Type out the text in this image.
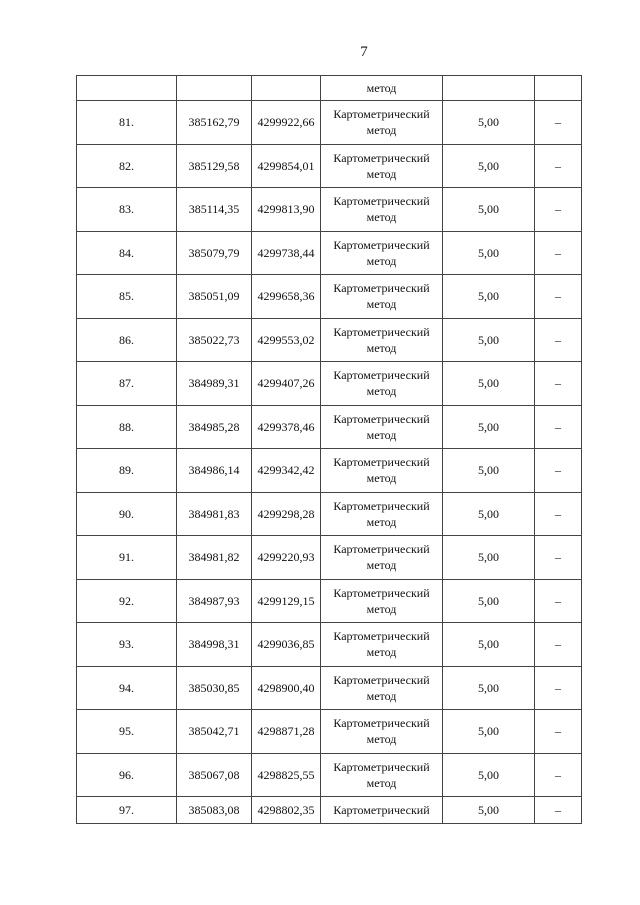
7
			метод		
81.	385162,79	4299922,66	Картометрический метод	5,00	–
82.	385129,58	4299854,01	Картометрический метод	5,00	–
83.	385114,35	4299813,90	Картометрический метод	5,00	–
84.	385079,79	4299738,44	Картометрический метод	5,00	–
85.	385051,09	4299658,36	Картометрический метод	5,00	–
86.	385022,73	4299553,02	Картометрический метод	5,00	–
87.	384989,31	4299407,26	Картометрический метод	5,00	–
88.	384985,28	4299378,46	Картометрический метод	5,00	–
89.	384986,14	4299342,42	Картометрический метод	5,00	–
90.	384981,83	4299298,28	Картометрический метод	5,00	–
91.	384981,82	4299220,93	Картометрический метод	5,00	–
92.	384987,93	4299129,15	Картометрический метод	5,00	–
93.	384998,31	4299036,85	Картометрический метод	5,00	–
94.	385030,85	4298900,40	Картометрический метод	5,00	–
95.	385042,71	4298871,28	Картометрический метод	5,00	–
96.	385067,08	4298825,55	Картометрический метод	5,00	–
97.	385083,08	4298802,35	Картометрический	5,00	–
